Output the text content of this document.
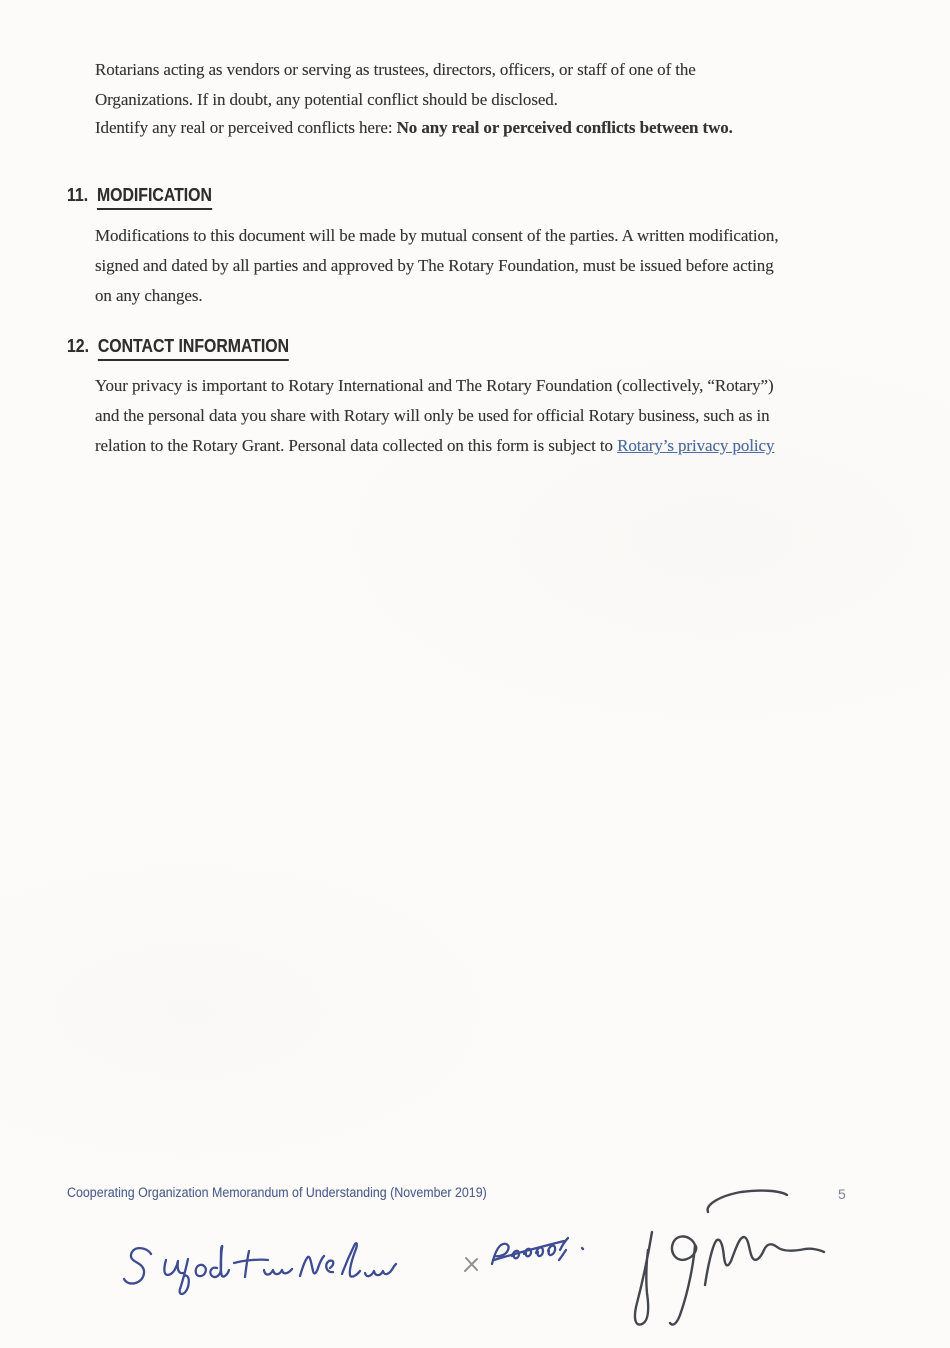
Rotarians acting as vendors or serving as trustees, directors, officers, or staff of one of the
Organizations. If in doubt, any potential conflict should be disclosed.
Identify any real or perceived conflicts here: No any real or perceived conflicts between two.
11. MODIFICATION
Modifications to this document will be made by mutual consent of the parties. A written modification,
signed and dated by all parties and approved by The Rotary Foundation, must be issued before acting
on any changes.
12. CONTACT INFORMATION
Your privacy is important to Rotary International and The Rotary Foundation (collectively, “Rotary”)
and the personal data you share with Rotary will only be used for official Rotary business, such as in
relation to the Rotary Grant. Personal data collected on this form is subject to Rotary’s privacy policy
Cooperating Organization Memorandum of Understanding (November 2019)	5
